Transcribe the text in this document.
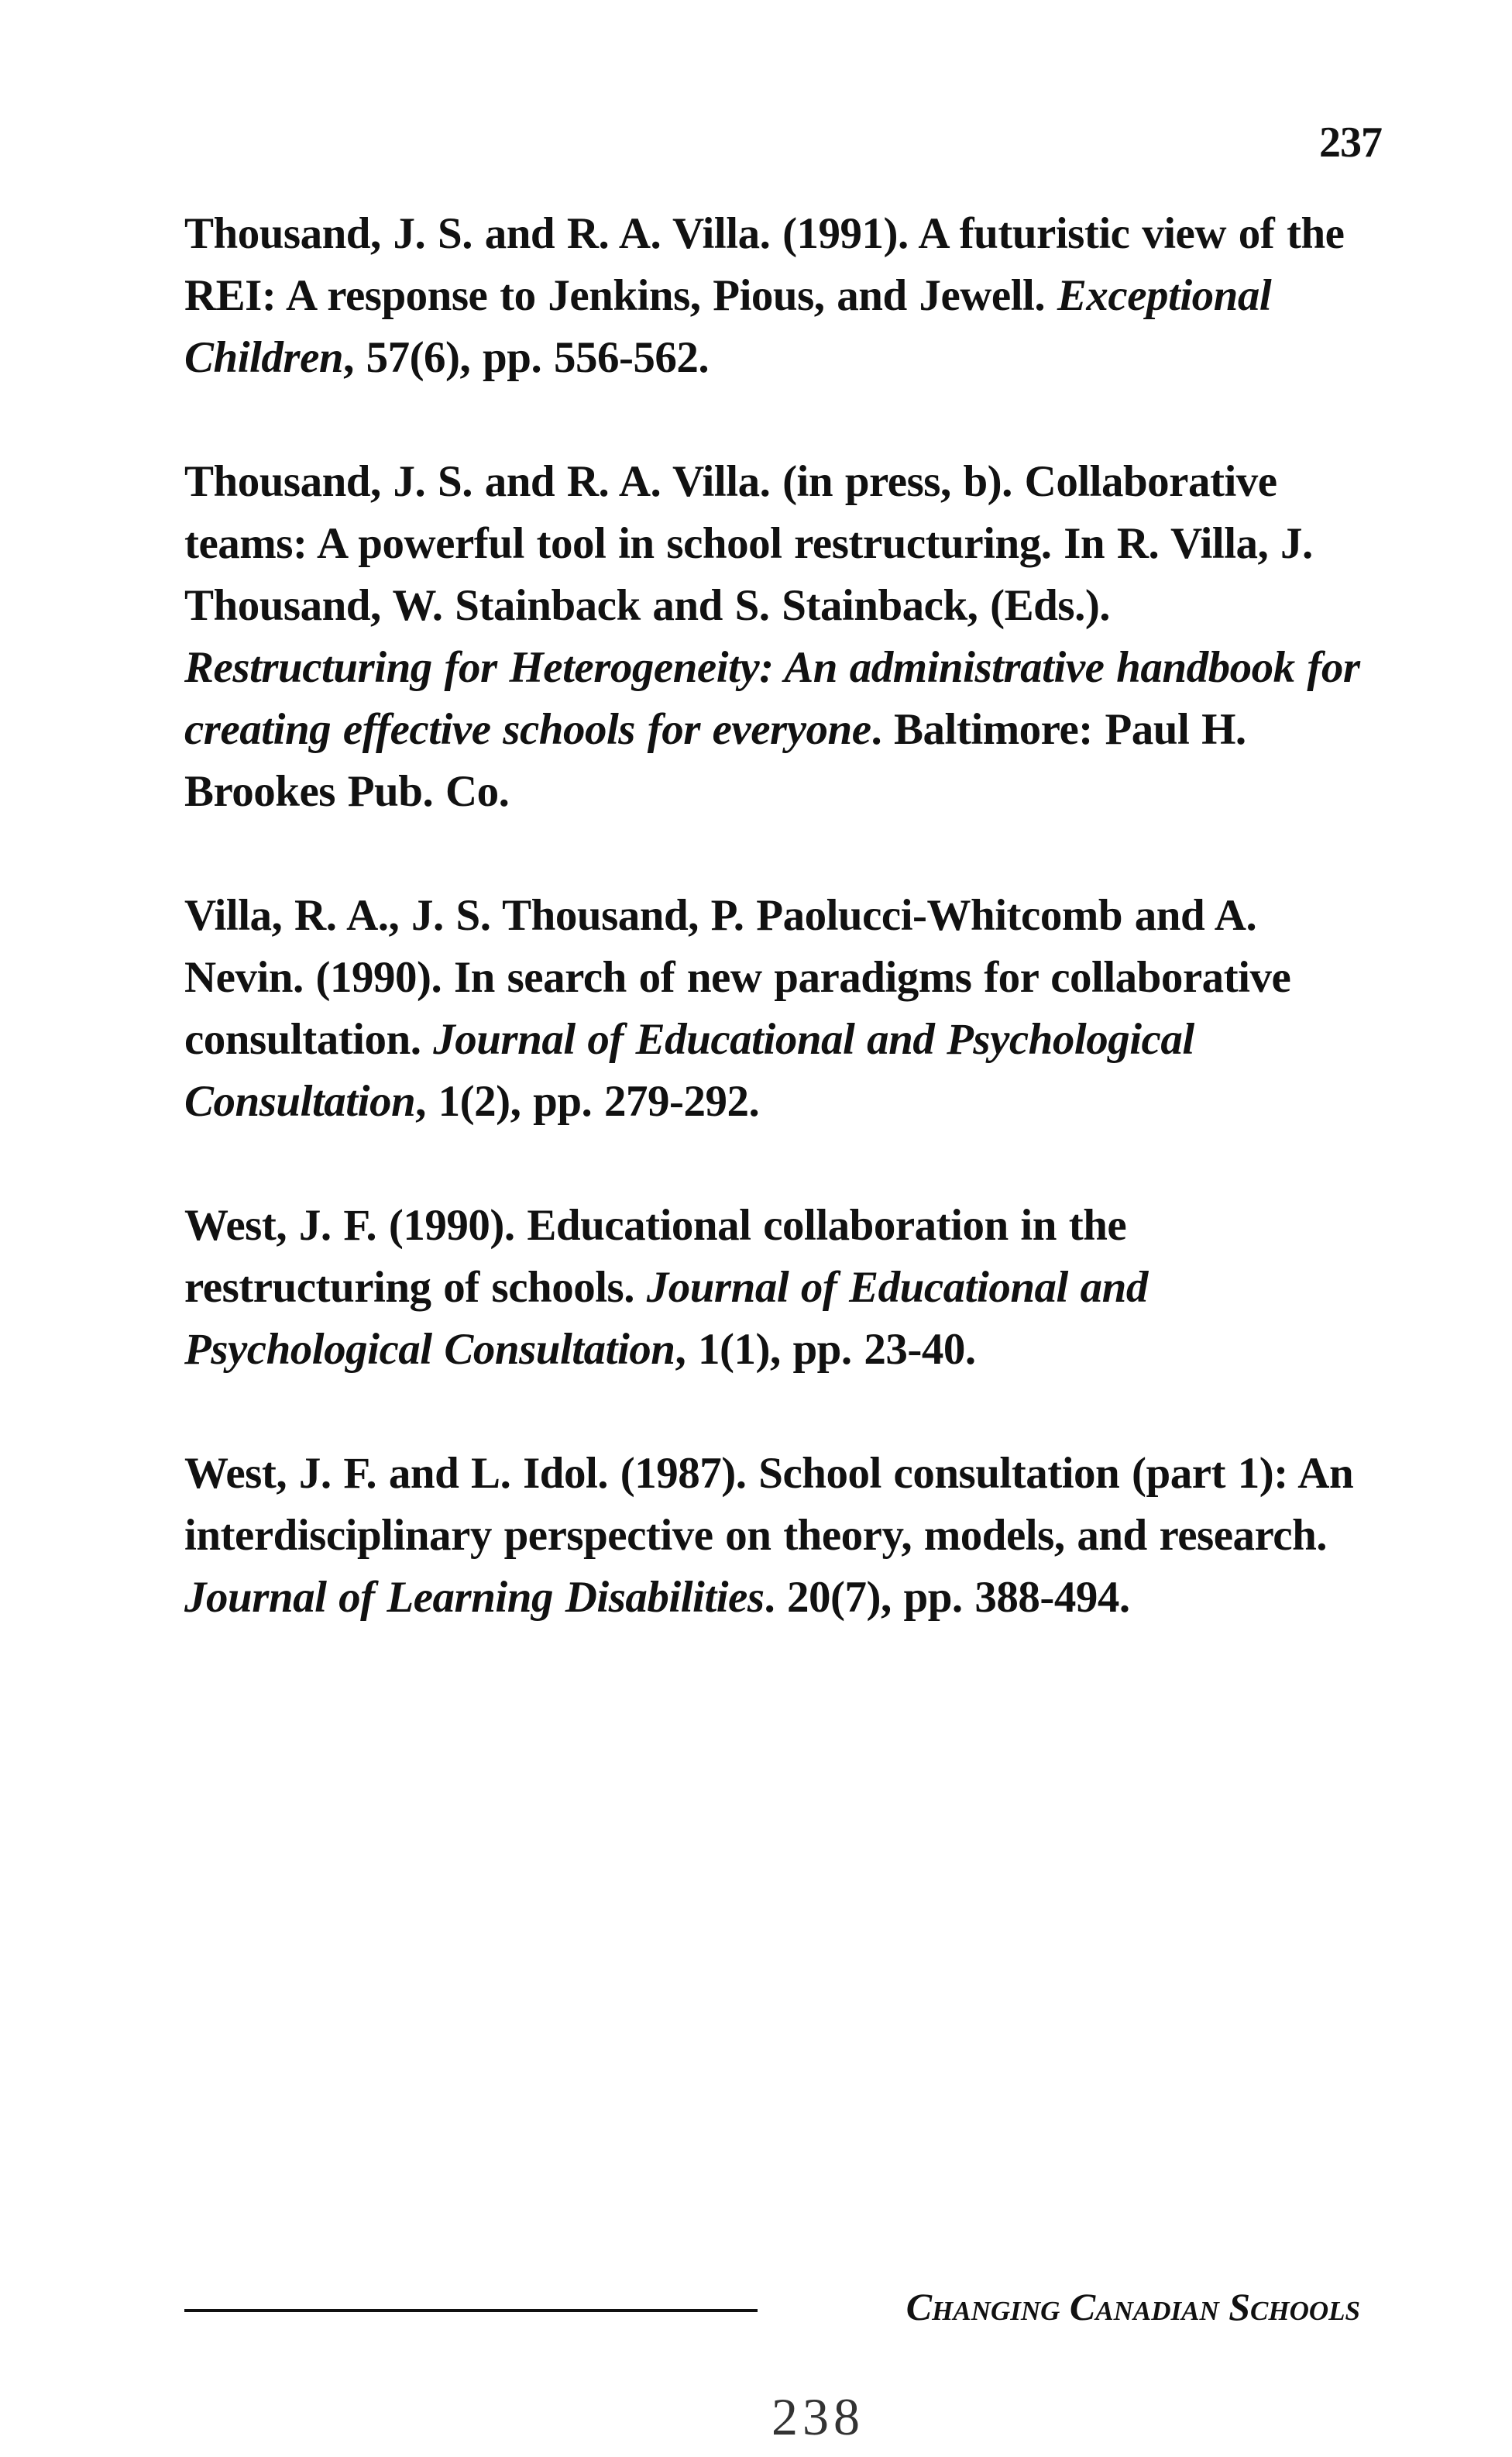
237
Thousand, J. S. and R. A. Villa. (1991). A futuristic view of the REI: A response to Jenkins, Pious, and Jewell. Exceptional Children, 57(6), pp. 556-562.
Thousand, J. S. and R. A. Villa. (in press, b). Collaborative teams: A powerful tool in school restructuring. In R. Villa, J. Thousand, W. Stainback and S. Stainback, (Eds.). Restructuring for Heterogeneity: An administrative handbook for creating effective schools for everyone. Baltimore: Paul H. Brookes Pub. Co.
Villa, R. A., J. S. Thousand, P. Paolucci-Whitcomb and A. Nevin. (1990). In search of new paradigms for collaborative consultation. Journal of Educational and Psychological Consultation, 1(2), pp. 279-292.
West, J. F. (1990). Educational collaboration in the restructuring of schools. Journal of Educational and Psychological Consultation, 1(1), pp. 23-40.
West, J. F. and L. Idol. (1987). School consultation (part 1): An interdisciplinary perspective on theory, models, and research. Journal of Learning Disabilities. 20(7), pp. 388-494.
Changing Canadian Schools
238
